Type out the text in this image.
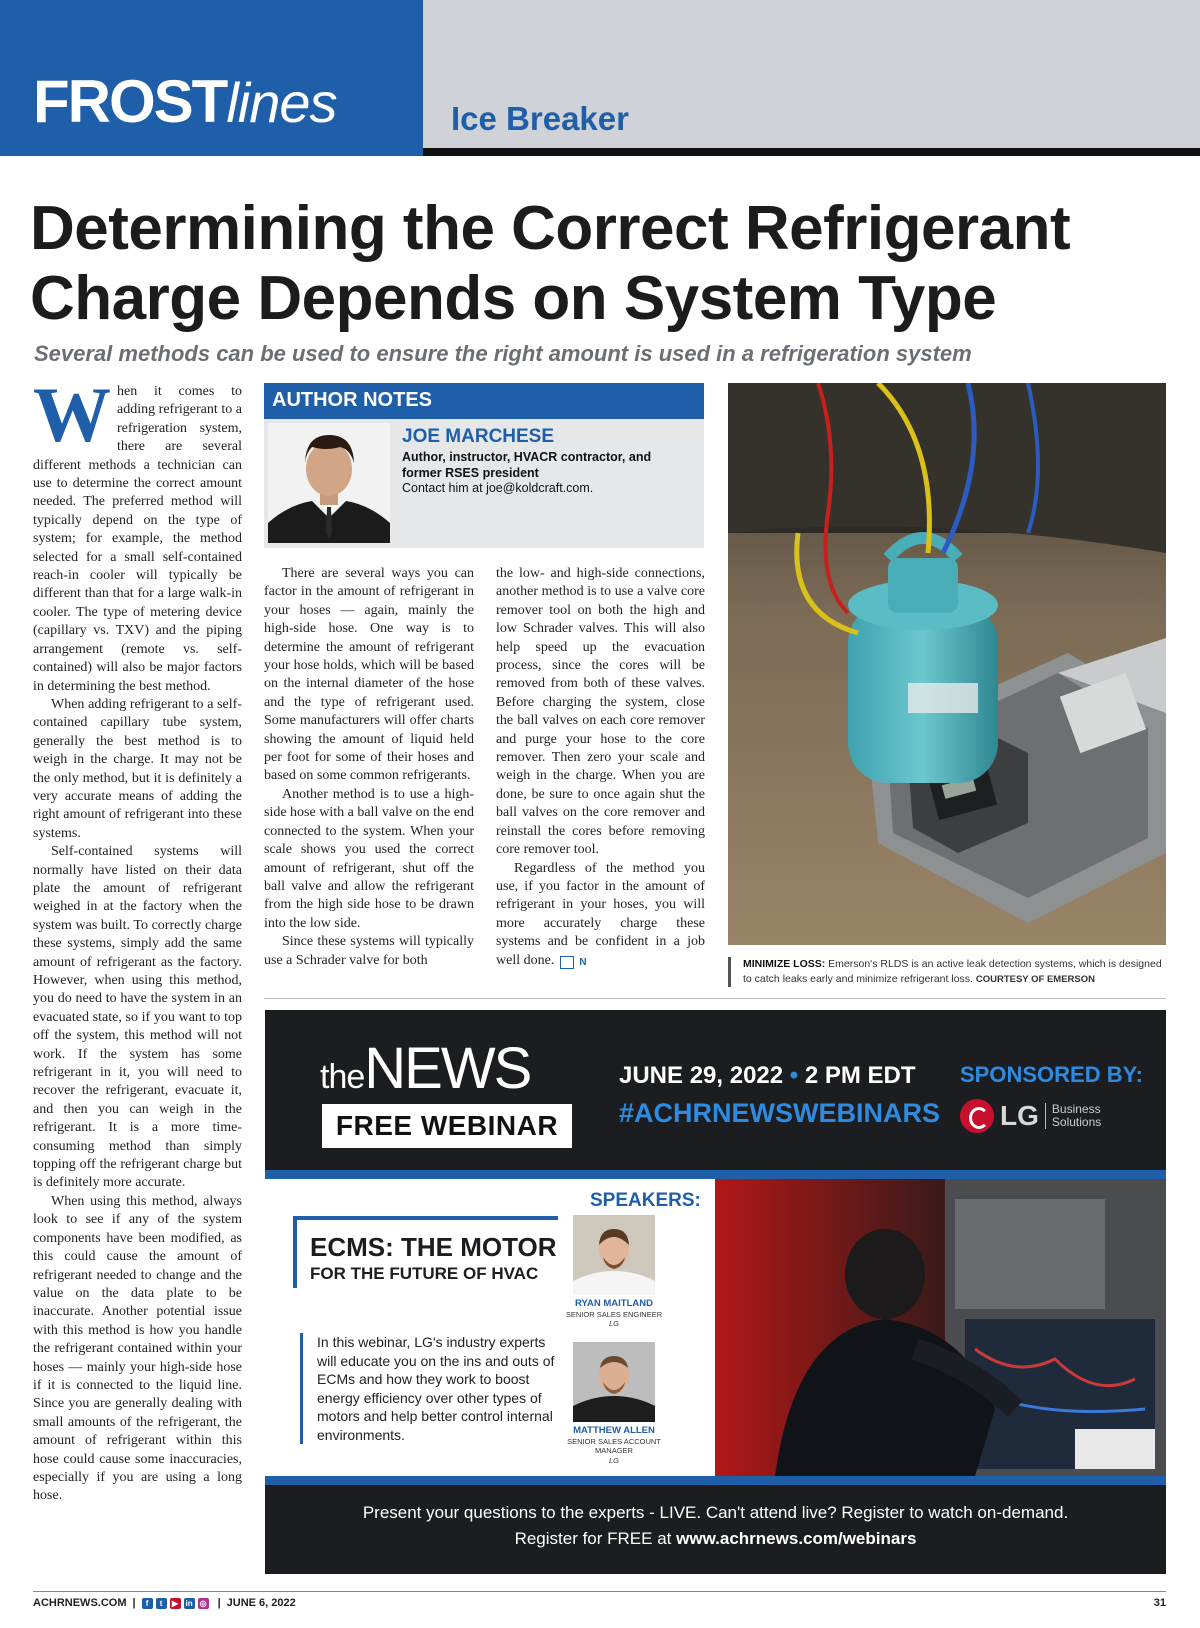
FROSTlines	Ice Breaker
Determining the Correct Refrigerant
Charge Depends on System Type
Several methods can be used to ensure the right amount is used in a refrigeration system

When it comes to adding refrigerant to a refrigeration system, there are several different methods a technician can use to determine the correct amount needed. The preferred method will typically depend on the type of system; for example, the method selected for a small self-contained reach-in cooler will typically be different than that for a large walk-in cooler. The type of metering device (capillary vs. TXV) and the piping arrangement (remote vs. self-contained) will also be major factors in determining the best method.

When adding refrigerant to a self-contained capillary tube system, generally the best method is to weigh in the charge. It may not be the only method, but it is definitely a very accurate means of adding the right amount of refrigerant into these systems.

Self-contained systems will normally have listed on their data plate the amount of refrigerant weighed in at the factory when the system was built. To correctly charge these systems, simply add the same amount of refrigerant as the factory. However, when using this method, you do need to have the system in an evacuated state, so if you want to top off the system, this method will not work. If the system has some refrigerant in it, you will need to recover the refrigerant, evacuate it, and then you can weigh in the refrigerant. It is a more time-consuming method than simply topping off the refrigerant charge but is definitely more accurate.

When using this method, always look to see if any of the system components have been modified, as this could cause the amount of refrigerant needed to change and the value on the data plate to be inaccurate. Another potential issue with this method is how you handle the refrigerant contained within your hoses — mainly your high-side hose if it is connected to the liquid line. Since you are generally dealing with small amounts of the refrigerant, the amount of refrigerant within this hose could cause some inaccuracies, especially if you are using a long hose.

AUTHOR NOTES
JOE MARCHESE
Author, instructor, HVACR contractor, and former RSES president
Contact him at joe@koldcraft.com.

There are several ways you can factor in the amount of refrigerant in your hoses — again, mainly the high-side hose. One way is to determine the amount of refrigerant your hose holds, which will be based on the internal diameter of the hose and the type of refrigerant used. Some manufacturers will offer charts showing the amount of liquid held per foot for some of their hoses and based on some common refrigerants.

Another method is to use a high-side hose with a ball valve on the end connected to the system. When your scale shows you used the correct amount of refrigerant, shut off the ball valve and allow the refrigerant from the high side hose to be drawn into the low side.

Since these systems will typically use a Schrader valve for both

the low- and high-side connections, another method is to use a valve core remover tool on both the high and low Schrader valves. This will also help speed up the evacuation process, since the cores will be removed from both of these valves. Before charging the system, close the ball valves on each core remover and purge your hose to the core remover. Then zero your scale and weigh in the charge. When you are done, be sure to once again shut the ball valves on the core remover and reinstall the cores before removing core remover tool.

Regardless of the method you use, if you factor in the amount of refrigerant in your hoses, you will more accurately charge these systems and be confident in a job well done.	N	MINIMIZE LOSS: Emerson's RLDS is an active leak detection systems, which is designed to catch leaks early and minimize refrigerant loss. COURTESY OF EMERSON
theNEWS
FREE WEBINAR
JUNE 29, 2022 • 2 PM EDT
#ACHRNEWSWEBINARS
SPONSORED BY:
LG	Business
Solutions
ECMS: THE MOTOR
FOR THE FUTURE OF HVAC
In this webinar, LG's industry experts will educate you on the ins and outs of ECMs and how they work to boost energy efficiency over other types of motors and help better control internal environments.
SPEAKERS:
RYAN MAITLAND
SENIOR SALES ENGINEER
LG
MATTHEW ALLEN
SENIOR SALES ACCOUNT MANAGER
LG
Present your questions to the experts - LIVE. Can't attend live? Register to watch on-demand.
Register for FREE at www.achrnews.com/webinars
ACHRNEWS.COM |	f	t	▶ in ◎ | JUNE 6, 2022	31
